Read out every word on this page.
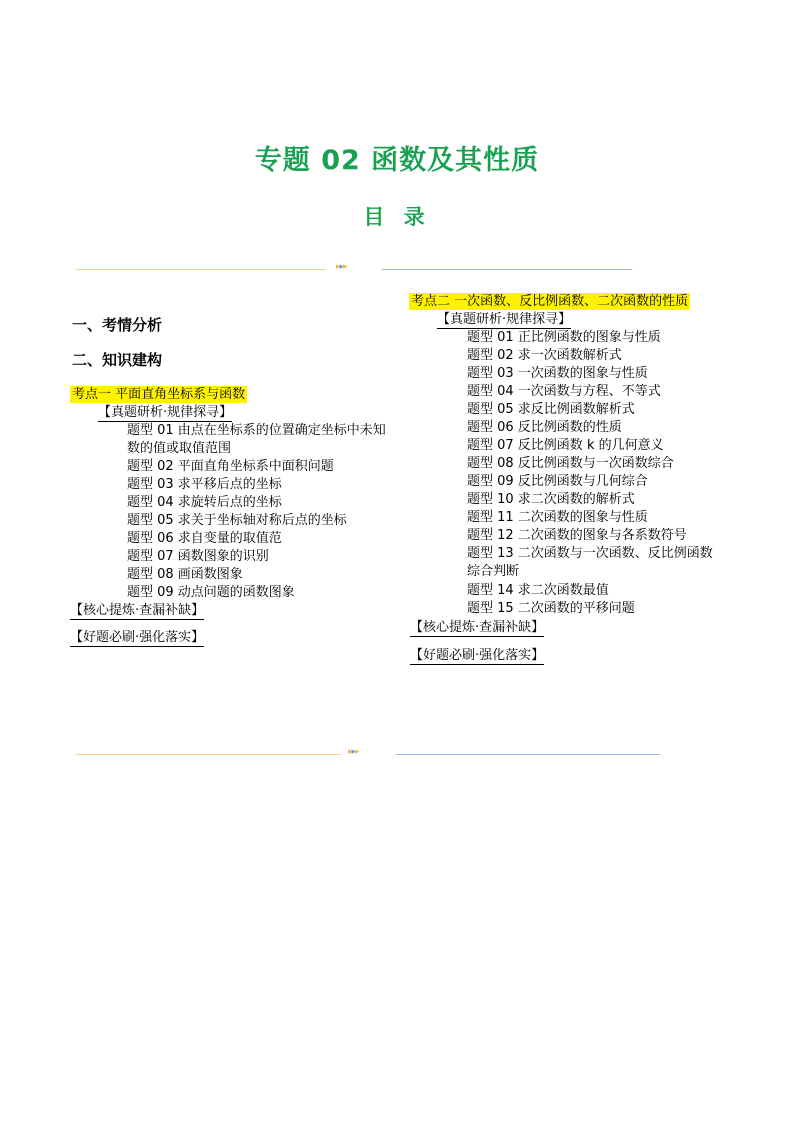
专题 02 函数及其性质
目 录
▸▸▸
一、考情分析
二、知识建构
考点一 平面直角坐标系与函数
【真题研析·规律探寻】
题型 01 由点在坐标系的位置确定坐标中未知数的值或取值范围
题型 02 平面直角坐标系中面积问题
题型 03 求平移后点的坐标
题型 04 求旋转后点的坐标
题型 05 求关于坐标轴对称后点的坐标
题型 06 求自变量的取值范
题型 07 函数图象的识别
题型 08 画函数图象
题型 09 动点问题的函数图象
【核心提炼·查漏补缺】
【好题必刷·强化落实】
考点二 一次函数、反比例函数、二次函数的性质
【真题研析·规律探寻】
题型 01 正比例函数的图象与性质
题型 02 求一次函数解析式
题型 03 一次函数的图象与性质
题型 04 一次函数与方程、不等式
题型 05 求反比例函数解析式
题型 06 反比例函数的性质
题型 07 反比例函数 k 的几何意义
题型 08 反比例函数与一次函数综合
题型 09 反比例函数与几何综合
题型 10 求二次函数的解析式
题型 11 二次函数的图象与性质
题型 12 二次函数的图象与各系数符号
题型 13 二次函数与一次函数、反比例函数综合判断
题型 14 求二次函数最值
题型 15 二次函数的平移问题
【核心提炼·查漏补缺】
【好题必刷·强化落实】
▸▸▸
